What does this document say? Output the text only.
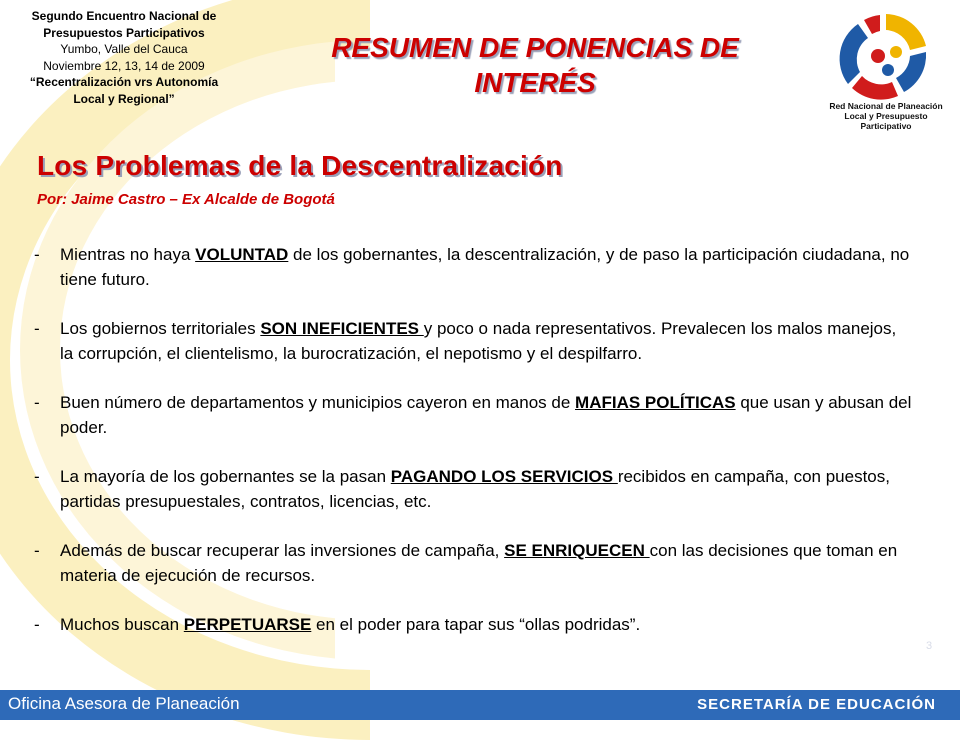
Segundo Encuentro Nacional de
Presupuestos Participativos
Yumbo, Valle del Cauca
Noviembre 12, 13, 14 de 2009
“Recentralización vrs Autonomía
Local y Regional”
RESUMEN DE PONENCIAS DE
INTERÉS
Red Nacional de Planeación
Local y Presupuesto Participativo
Los Problemas de la Descentralización
Por: Jaime Castro – Ex Alcalde de Bogotá
- Mientras no haya VOLUNTAD de los gobernantes, la descentralización, y de paso la participación ciudadana, no tiene futuro.
- Los gobiernos territoriales SON INEFICIENTES y poco o nada representativos. Prevalecen los malos manejos, la corrupción, el clientelismo, la burocratización, el nepotismo y el despilfarro.
- Buen número de departamentos y municipios cayeron en manos de MAFIAS POLÍTICAS que usan y abusan del poder.
- La mayoría de los gobernantes se la pasan PAGANDO LOS SERVICIOS recibidos en campaña, con puestos, partidas presupuestales, contratos, licencias, etc.
- Además de buscar recuperar las inversiones de campaña, SE ENRIQUECEN con las decisiones que toman en materia de ejecución de recursos.
- Muchos buscan PERPETUARSE en el poder para tapar sus “ollas podridas”.
3
Oficina Asesora de Planeación	SECRETARÍA DE EDUCACIÓN
